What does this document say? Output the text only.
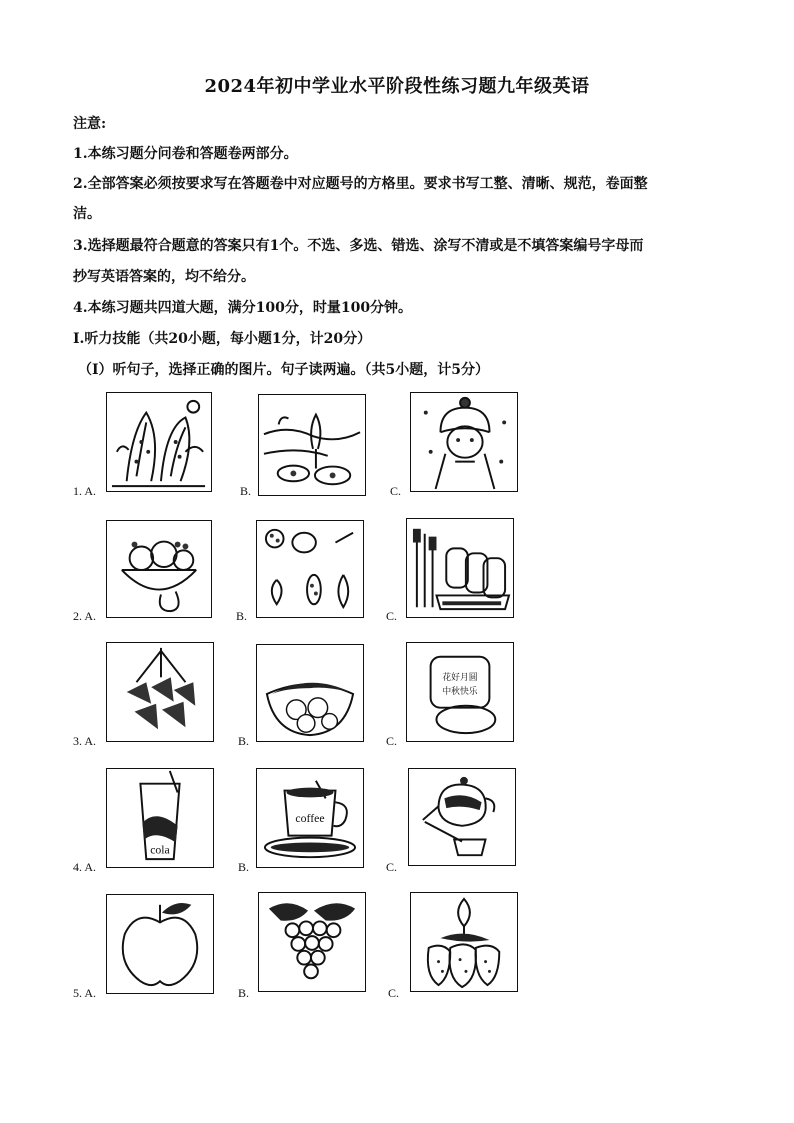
2024年初中学业水平阶段性练习题九年级英语
注意:
1.本练习题分问卷和答题卷两部分。
2.全部答案必须按要求写在答题卷中对应题号的方格里。要求书写工整、清晰、规范，卷面整
洁。
3.选择题最符合题意的答案只有1个。不选、多选、错选、涂写不清或是不填答案编号字母而
抄写英语答案的，均不给分。
4.本练习题共四道大题，满分100分，时量100分钟。
Ⅰ.听力技能（共20小题，每小题1分，计20分）
（Ⅰ）听句子，选择正确的图片。句子读两遍。（共5小题，计5分）
1. A.	B.	C.
2. A.	B.	C.
3. A.	B.	C.
花好月圆
中秋快乐
4. A.	B.	C.
cola
coffee
5. A.	B.	C.
